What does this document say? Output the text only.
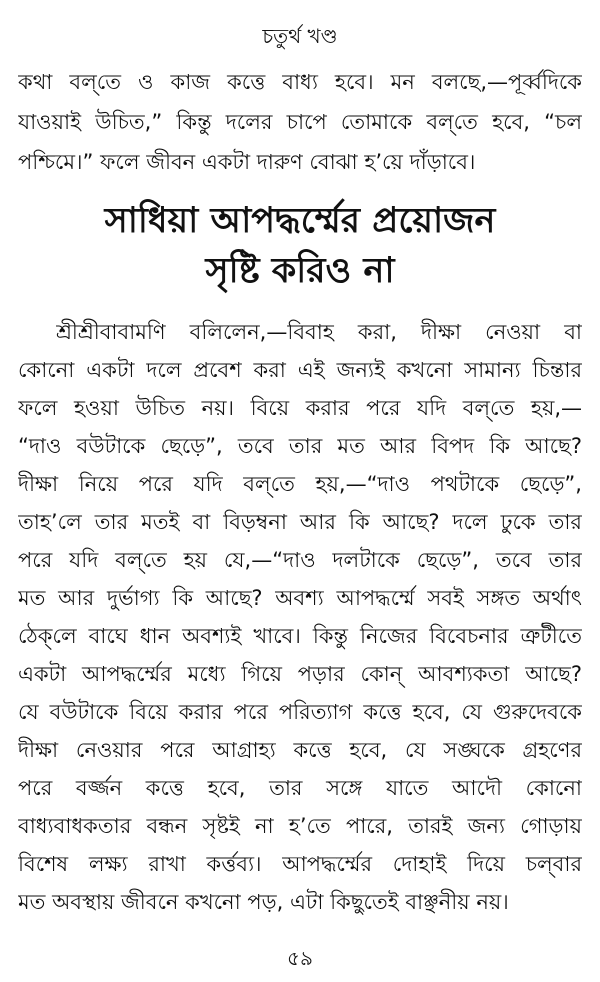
চতুর্থ খণ্ড
কথা বল্‌তে ও কাজ কত্তে বাধ্য হবে। মন বলছে,—পূর্ব্বদিকে
যাওয়াই উচিত,” কিন্তু দলের চাপে তোমাকে বল্‌তে হবে, “চল
পশ্চিমে।” ফলে জীবন একটা দারুণ বোঝা হ’য়ে দাঁড়াবে।
সাধিয়া আপদ্ধর্ম্মের প্রয়োজন
সৃষ্টি করিও না
শ্রীশ্রীবাবামণি বলিলেন,—বিবাহ করা, দীক্ষা নেওয়া বা
কোনো একটা দলে প্রবেশ করা এই জন্যই কখনো সামান্য চিন্তার
ফলে হওয়া উচিত নয়। বিয়ে করার পরে যদি বল্‌তে হয়,—
“দাও বউটাকে ছেড়ে”, তবে তার মত আর বিপদ কি আছে?
দীক্ষা নিয়ে পরে যদি বল্‌তে হয়,—“দাও পথটাকে ছেড়ে”,
তাহ’লে তার মতই বা বিড়ম্বনা আর কি আছে? দলে ঢুকে তার
পরে যদি বল্‌তে হয় যে,—“দাও দলটাকে ছেড়ে”, তবে তার
মত আর দুর্ভাগ্য কি আছে? অবশ্য আপদ্ধর্ম্মে সবই সঙ্গত অর্থাৎ
ঠেক্‌লে বাঘে ধান অবশ্যই খাবে। কিন্তু নিজের বিবেচনার ত্রুটীতে
একটা আপদ্ধর্ম্মের মধ্যে গিয়ে পড়ার কোন্ আবশ্যকতা আছে?
যে বউটাকে বিয়ে করার পরে পরিত্যাগ কত্তে হবে, যে গুরুদেবকে
দীক্ষা নেওয়ার পরে আগ্রাহ্য কত্তে হবে, যে সঙ্ঘকে গ্রহণের
পরে বর্জ্জন কত্তে হবে, তার সঙ্গে যাতে আদৌ কোনো
বাধ্যবাধকতার বন্ধন সৃষ্টই না হ’তে পারে, তারই জন্য গোড়ায়
বিশেষ লক্ষ্য রাখা কর্ত্তব্য। আপদ্ধর্ম্মের দোহাই দিয়ে চল্‌বার
মত অবস্থায় জীবনে কখনো পড়, এটা কিছুতেই বাঞ্ছনীয় নয়।
৫৯
